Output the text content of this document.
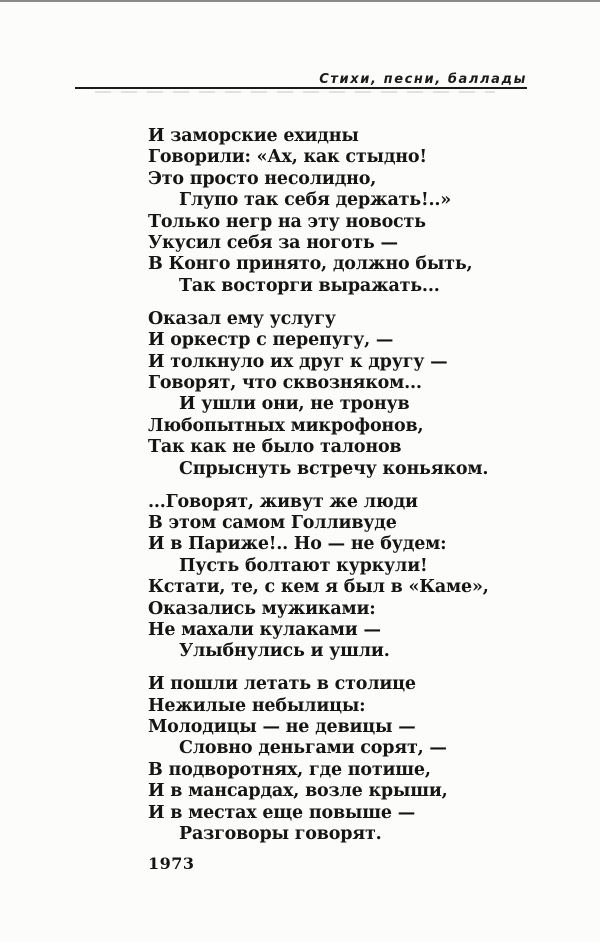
Стихи, песни, баллады
И заморские ехидны
Говорили: «Ах, как стыдно!
Это просто несолидно,
Глупо так себя держать!..»
Только негр на эту новость
Укусил себя за ноготь —
В Конго принято, должно быть,
Так восторги выражать...
Оказал ему услугу
И оркестр с перепугу, —
И толкнуло их друг к другу —
Говорят, что сквозняком...
И ушли они, не тронув
Любопытных микрофонов,
Так как не было талонов
Спрыснуть встречу коньяком.
...Говорят, живут же люди
В этом самом Голливуде
И в Париже!.. Но — не будем:
Пусть болтают куркули!
Кстати, те, с кем я был в «Каме»,
Оказались мужиками:
Не махали кулаками —
Улыбнулись и ушли.
И пошли летать в столице
Нежилые небылицы:
Молодицы — не девицы —
Словно деньгами сорят, —
В подворотнях, где потише,
И в мансардах, возле крыши,
И в местах еще повыше —
Разговоры говорят.
1973
